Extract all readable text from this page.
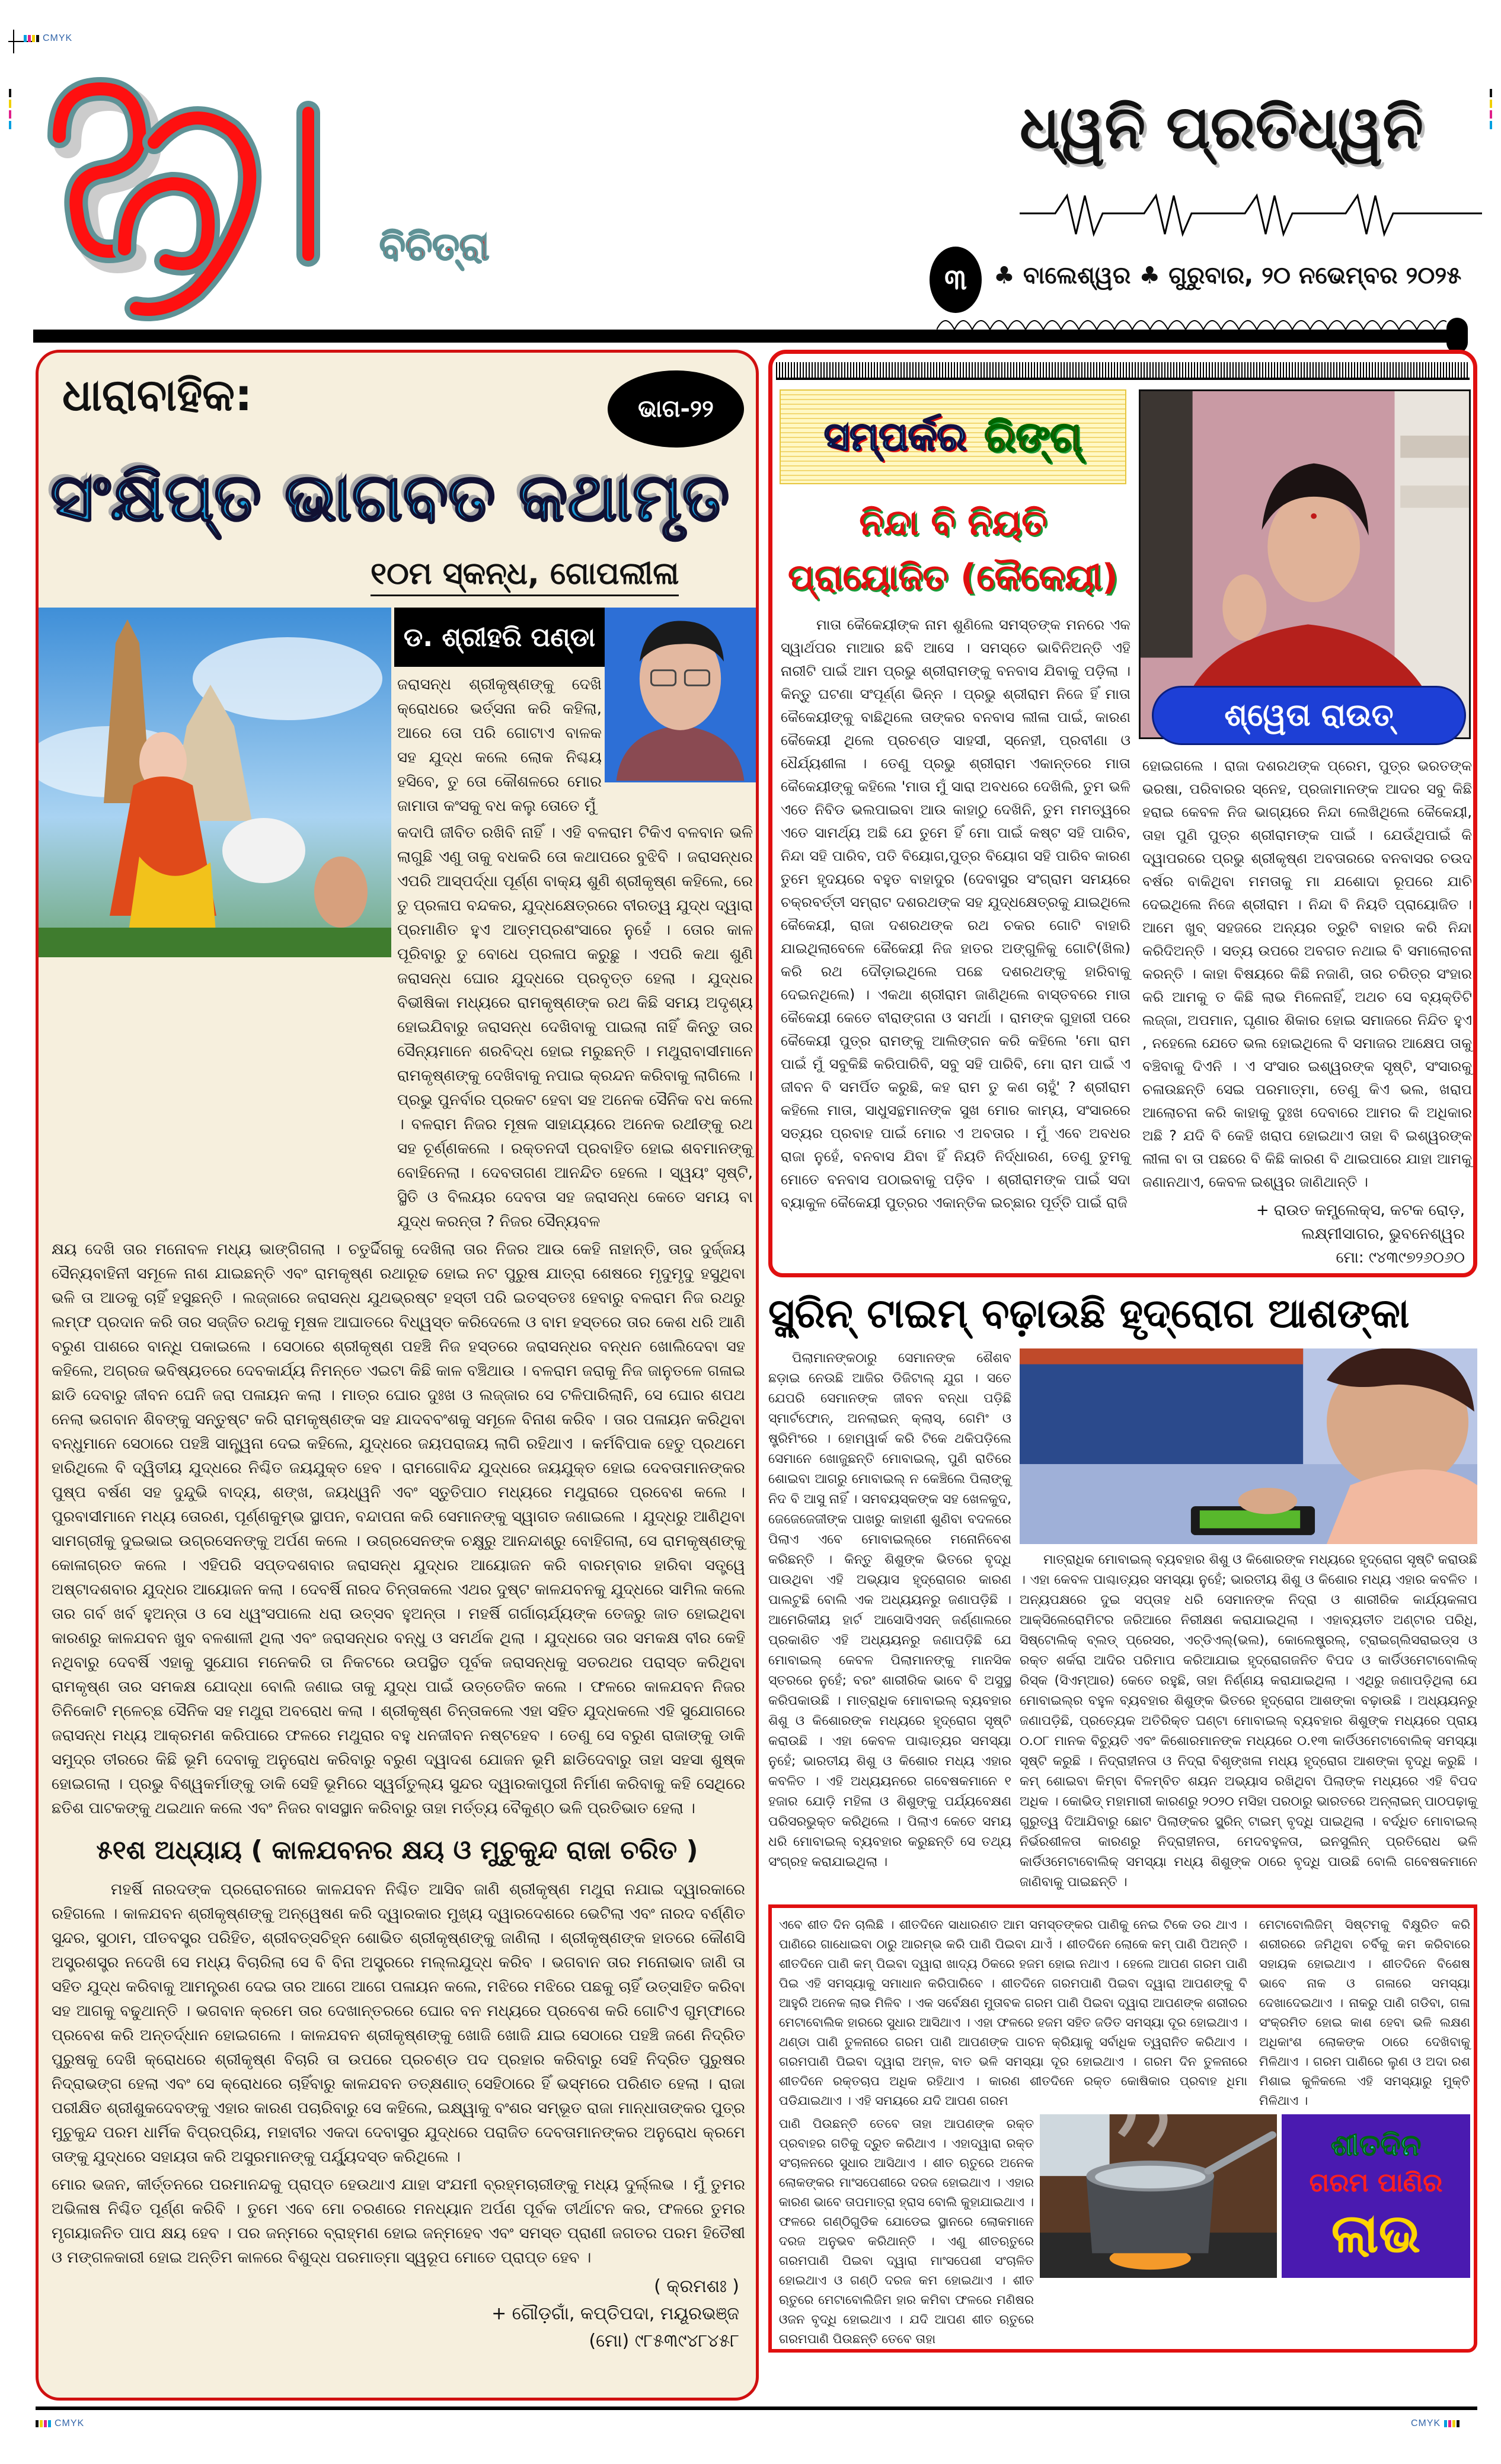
CMYK
ବିଚିତ୍ରା
ଧ୍ୱନି ପ୍ରତିଧ୍ୱନି
୩	♣ ବାଲେଶ୍ୱର ♣ ଗୁରୁବାର, ୨୦ ନଭେମ୍ବର ୨୦୨୫
ଧାରାବାହିକ:	ଭାଗ-୨୨
ସଂକ୍ଷିପ୍ତ ଭାଗବତ କଥାମୃତ
୧୦ମ ସ୍କନ୍ଧ, ଗୋପଲୀଳା
ଡ. ଶ୍ରୀହରି ପଣ୍ଡା

ଜରାସନ୍ଧ ଶ୍ରୀକୃଷ୍ଣଙ୍କୁ ଦେଖି କ୍ରୋଧରେ ଭର୍ତ୍ସନା କରି କହିଲା, ଆରେ ତୋ ପରି ଗୋଟାଏ ବାଳକ ସହ ଯୁଦ୍ଧ କଲେ ଲୋକ ନିଶ୍ଚୟ ହସିବେ, ତୁ ତୋ କୌଶଳରେ ମୋର ଜାମାତା କଂସକୁ ବଧ କଲୁ ତୋତେ ମୁଁ

କଦାପି ଜୀବିତ ରଖିବି ନାହିଁ । ଏହି ବଳରାମ ଟିକିଏ ବଳବାନ ଭଳି ଲାଗୁଛି ଏଣୁ ତାକୁ ବଧକରି ତୋ କଥାପରେ ବୁଝିବି । ଜରାସନ୍ଧର ଏପରି ଆସ୍ପର୍ଦ୍ଧା ପୂର୍ଣ୍ଣ ବାକ୍ୟ ଶୁଣି ଶ୍ରୀକୃଷ୍ଣ କହିଲେ, ରେ ତୁ ପ୍ରଳାପ ବନ୍ଦକର, ଯୁଦ୍ଧକ୍ଷେତ୍ରରେ ବୀରତ୍ୱ ଯୁଦ୍ଧ ଦ୍ୱାରା ପ୍ରମାଣିତ ହୁଏ ଆତ୍ମପ୍ରଶଂସାରେ ନୁହେଁ । ତୋର କାଳ ପୂରିବାରୁ ତୁ ବୋଧେ ପ୍ରଳାପ କରୁଛୁ । ଏପରି କଥା ଶୁଣି ଜରାସନ୍ଧ ଘୋର ଯୁଦ୍ଧରେ ପ୍ରବୃତ୍ତ ହେଲା । ଯୁଦ୍ଧର ବିଭୀଷିକା ମଧ୍ୟରେ ରାମକୃଷ୍ଣଙ୍କ ରଥ କିଛି ସମୟ ଅଦୃଶ୍ୟ ହୋଇଯିବାରୁ ଜରାସନ୍ଧ ଦେଖିବାକୁ ପାଇଲା ନାହିଁ କିନ୍ତୁ ତାର ସୈନ୍ୟମାନେ ଶରବିଦ୍ଧ ହୋଇ ମରୁଛନ୍ତି । ମଥୁରାବାସୀମାନେ ରାମକୃଷ୍ଣଙ୍କୁ ଦେଖିବାକୁ ନପାଇ କ୍ରନ୍ଦନ କରିବାକୁ ଲାଗିଲେ । ପ୍ରଭୁ ପୁନର୍ବାର ପ୍ରକଟ ହେବା ସହ ଅନେକ ସୈନିକ ବଧ କଲେ । ବଳରାମ ନିଜର ମୂଷଳ ସାହାଯ୍ୟରେ ଅନେକ ରଥୀଙ୍କୁ ରଥ ସହ ଚୂର୍ଣ୍ଣକଲେ । ରକ୍ତନଦୀ ପ୍ରବାହିତ ହୋଇ ଶବମାନଙ୍କୁ ବୋହିନେଲା । ଦେବତାଗଣ ଆନନ୍ଦିତ ହେଲେ । ସ୍ୱୟଂ ସୃଷ୍ଟି, ସ୍ଥିତି ଓ ବିଲୟର ଦେବତା ସହ ଜରାସନ୍ଧ କେତେ ସମୟ ବା ଯୁଦ୍ଧ କରନ୍ତା ? ନିଜର ସୈନ୍ୟବଳ

କ୍ଷୟ ଦେଖି ତାର ମନୋବଳ ମଧ୍ୟ ଭାଙ୍ଗିଗଲା । ଚତୁର୍ଦ୍ଦିଗକୁ ଦେଖିଲା ତାର ନିଜର ଆଉ କେହି ନାହାନ୍ତି, ତାର ଦୁର୍ଜ୍ଜୟ ସୈନ୍ୟବାହିନୀ ସମୂଳେ ନାଶ ଯାଇଛନ୍ତି ଏବଂ ରାମକୃଷ୍ଣ ରଥାରୂଢ ହୋଇ ନଟ ପୁରୁଷ ଯାତ୍ରା ଶେଷରେ ମୃଦୁମୃଦୁ ହସୁଥିବା ଭଳି ତା ଆଡକୁ ଚାହିଁ ହସୁଛନ୍ତି । ଲଜ୍ଜାରେ ଜରାସନ୍ଧ ଯୁଥଭ୍ରଷ୍ଟ ହସ୍ତୀ ପରି ଇତସ୍ତତଃ ହେବାରୁ ବଳରାମ ନିଜ ରଥରୁ ଲମ୍ଫ ପ୍ରଦାନ କରି ତାର ସଜ୍ଜିତ ରଥକୁ ମୂଷଳ ଆଘାତରେ ବିଧ୍ୱସ୍ତ କରିଦେଲେ ଓ ବାମ ହସ୍ତରେ ତାର କେଶ ଧରି ଆଣି ବରୁଣ ପାଶରେ ବାନ୍ଧି ପକାଇଲେ । ସେଠାରେ ଶ୍ରୀକୃଷ୍ଣ ପହଞ୍ଚି ନିଜ ହସ୍ତରେ ଜରାସନ୍ଧର ବନ୍ଧନ ଖୋଲିଦେବା ସହ କହିଲେ, ଅଗ୍ରଜ ଭବିଷ୍ୟତରେ ଦେବକାର୍ଯ୍ୟ ନିମନ୍ତେ ଏଇଟା କିଛି କାଳ ବଞ୍ଚିଥାଉ । ବଳରାମ ଜରାକୁ ନିଜ ଜାନୁତଳେ ଗଳାଇ ଛାଡି ଦେବାରୁ ଜୀବନ ଘେନି ଜରା ପଳାୟନ କଲା । ମାତ୍ର ଘୋର ଦୁଃଖ ଓ ଲଜ୍ଜାର ସେ ଟଳିପାରିଲାନି, ସେ ଘୋର ଶପଥ ନେଲା ଭଗବାନ ଶିବଙ୍କୁ ସନ୍ତୁଷ୍ଟ କରି ରାମକୃଷ୍ଣଙ୍କ ସହ ଯାଦବବଂଶକୁ ସମୂଳେ ବିନାଶ କରିବ । ତାର ପଳାୟନ କରିଥିବା ବନ୍ଧୁମାନେ ସେଠାରେ ପହଞ୍ଚି ସାନ୍ତ୍ୱନା ଦେଇ କହିଲେ, ଯୁଦ୍ଧରେ ଜୟପରାଜୟ ଲାଗି ରହିଥାଏ । କର୍ମବିପାକ ହେତୁ ପ୍ରଥମେ ହାରିଥିଲେ ବି ଦ୍ୱିତୀୟ ଯୁଦ୍ଧରେ ନିଶ୍ଚିତ ଜୟଯୁକ୍ତ ହେବ । ରାମଗୋବିନ୍ଦ ଯୁଦ୍ଧରେ ଜୟଯୁକ୍ତ ହୋଇ ଦେବତାମାନଙ୍କର ପୁଷ୍ପ ବର୍ଷଣ ସହ ଦୁନ୍ଦୁଭି ବାଦ୍ୟ, ଶଙ୍ଖ, ଜୟଧ୍ୱନି ଏବଂ ସ୍ତୁତିପାଠ ମଧ୍ୟରେ ମଥୁରାରେ ପ୍ରବେଶ କଲେ । ପୁରବାସୀମାନେ ମଧ୍ୟ ତୋରଣ, ପୂର୍ଣ୍ଣକୁମ୍ଭ ସ୍ଥାପନ, ବନ୍ଦାପନା କରି ସେମାନଙ୍କୁ ସ୍ୱାଗତ ଜଣାଇଲେ । ଯୁଦ୍ଧରୁ ଆଣିଥିବା ସାମଗ୍ରୀକୁ ଦୁଇଭାଇ ଉଗ୍ରସେନଙ୍କୁ ଅର୍ପଣ କଲେ । ଉଗ୍ରସେନଙ୍କ ଚକ୍ଷୁରୁ ଆନନ୍ଦାଶ୍ରୁ ବୋହିଗଲା, ସେ ରାମକୃଷ୍ଣଙ୍କୁ କୋଳାଗ୍ରତ କଲେ । ଏହିପରି ସପ୍ତଦଶବାର ଜରାସନ୍ଧ ଯୁଦ୍ଧର ଆୟୋଜନ କରି ବାରମ୍ବାର ହାରିବା ସତ୍ତ୍ୱେ ଅଷ୍ଟାଦଶବାର ଯୁଦ୍ଧର ଆୟୋଜନ କଲା । ଦେବର୍ଷି ନାରଦ ଚିନ୍ତାକଲେ ଏଥର ଦୁଷ୍ଟ କାଳଯବନକୁ ଯୁଦ୍ଧରେ ସାମିଲ କଲେ ତାର ଗର୍ବ ଖର୍ବ ହୁଅନ୍ତା ଓ ସେ ଧ୍ୱଂସପାଲେ ଧରା ଉତ୍ସବ ହୁଅନ୍ତା । ମହର୍ଷି ଗର୍ଗାଚାର୍ଯ୍ୟଙ୍କ ତେଜରୁ ଜାତ ହୋଇଥିବା କାରଣରୁ କାଳଯବନ ଖୁବ ବଳଶାଳୀ ଥିଲା ଏବଂ ଜରାସନ୍ଧର ବନ୍ଧୁ ଓ ସମର୍ଥକ ଥିଲା । ଯୁଦ୍ଧରେ ତାର ସମକକ୍ଷ ବୀର କେହି ନଥିବାରୁ ଦେବର୍ଷି ଏହାକୁ ସୁଯୋଗ ମନେକରି ତା ନିକଟରେ ଉପସ୍ଥିତ ପୂର୍ବକ ଜରାସନ୍ଧକୁ ସତରଥର ପରାସ୍ତ କରିଥିବା ରାମକୃଷ୍ଣ ତାର ସମକକ୍ଷ ଯୋଦ୍ଧା ବୋଲି ଜଣାଇ ତାକୁ ଯୁଦ୍ଧ ପାଇଁ ଉତ୍ତେଜିତ କଲେ । ଫଳରେ କାଳଯବନ ନିଜର ତିନିକୋଟି ମ୍ଳେଚ୍ଛ ସୈନିକ ସହ ମଥୁରା ଅବରୋଧ କଲା । ଶ୍ରୀକୃଷ୍ଣ ଚିନ୍ତାକଲେ ଏହା ସହିତ ଯୁଦ୍ଧକଲେ ଏହି ସୁଯୋଗରେ ଜରାସନ୍ଧ ମଧ୍ୟ ଆକ୍ରମଣ କରିପାରେ ଫଳରେ ମଥୁରାର ବହୁ ଧନଜୀବନ ନଷ୍ଟହେବ । ତେଣୁ ସେ ବରୁଣ ରାଜାଙ୍କୁ ଡାକି ସମୁଦ୍ର ତୀରରେ କିଛି ଭୂମି ଦେବାକୁ ଅନୁରୋଧ କରିବାରୁ ବରୁଣ ଦ୍ୱାଦଶ ଯୋଜନ ଭୂମି ଛାଡିଦେବାରୁ ତାହା ସହସା ଶୁଷ୍କ ହୋଇଗଲା । ପ୍ରଭୁ ବିଶ୍ୱକର୍ମାଙ୍କୁ ଡାକି ସେହି ଭୂମିରେ ସ୍ୱର୍ଗତୁଲ୍ୟ ସୁନ୍ଦର ଦ୍ୱାରକାପୁରୀ ନିର୍ମାଣ କରିବାକୁ କହି ସେଥିରେ ଛତିଶ ପାଟକଙ୍କୁ ଥଇଥାନ କଲେ ଏବଂ ନିଜର ବାସସ୍ଥାନ କରିବାରୁ ତାହା ମର୍ତ୍ତ୍ୟ ବୈକୁଣ୍ଠ ଭଳି ପ୍ରତିଭାତ ହେଲା ।

୫୧ଶ ଅଧ୍ୟାୟ ( କାଳଯବନର କ୍ଷୟ ଓ ମୁଚୁକୁନ୍ଦ ରାଜା ଚରିତ )

ମହର୍ଷି ନାରଦଙ୍କ ପ୍ରରୋଚନାରେ କାଳଯବନ ନିଶ୍ଚିତ ଆସିବ ଜାଣି ଶ୍ରୀକୃଷ୍ଣ ମଥୁରା ନଯାଇ ଦ୍ୱାରକାରେ ରହିଗଲେ । କାଳଯବନ ଶ୍ରୀକୃଷ୍ଣଙ୍କୁ ଅନ୍ୱେଷଣ କରି ଦ୍ୱାରକାର ମୁଖ୍ୟ ଦ୍ୱାରଦେଶରେ ଭେଟିଲା ଏବଂ ନାରଦ ବର୍ଣ୍ଣିତ ସୁନ୍ଦର, ସୁଠାମ, ପୀତବସ୍ତ୍ର ପରିହିତ, ଶ୍ରୀବତ୍ସଚିହ୍ନ ଶୋଭିତ ଶ୍ରୀକୃଷ୍ଣଙ୍କୁ ଜାଣିଲା । ଶ୍ରୀକୃଷ୍ଣଙ୍କ ହାତରେ କୌଣସି ଅସ୍ତ୍ରଶସ୍ତ୍ର ନଦେଖି ସେ ମଧ୍ୟ ବିଚାରିଲା ସେ ବି ବିନା ଅସ୍ତ୍ରରେ ମଲ୍ଲଯୁଦ୍ଧ କରିବ । ଭଗବାନ ତାର ମନୋଭାବ ଜାଣି ତା ସହିତ ଯୁଦ୍ଧ କରିବାକୁ ଆମନ୍ତ୍ରଣ ଦେଇ ତାର ଆଗେ ଆଗେ ପଳାୟନ କଲେ, ମଝିରେ ମଝିରେ ପଛକୁ ଚାହିଁ ଉତ୍ସାହିତ କରିବା ସହ ଆଗକୁ ବଢୁଥାନ୍ତି । ଭଗବାନ କ୍ରମେ ତାର ଦେଖାନ୍ତରରେ ଘୋର ବନ ମଧ୍ୟରେ ପ୍ରବେଶ କରି ଗୋଟିଏ ଗୁମ୍ଫାରେ ପ୍ରବେଶ କରି ଅନ୍ତର୍ଦ୍ଧାନ ହୋଇଗଲେ । କାଳଯବନ ଶ୍ରୀକୃଷ୍ଣଙ୍କୁ ଖୋଜି ଖୋଜି ଯାଇ ସେଠାରେ ପହଞ୍ଚି ଜଣେ ନିଦ୍ରିତ ପୁରୁଷକୁ ଦେଖି କ୍ରୋଧରେ ଶ୍ରୀକୃଷ୍ଣ ବିଚାରି ତା ଉପରେ ପ୍ରଚଣ୍ଡ ପଦ ପ୍ରହାର କରିବାରୁ ସେହି ନିଦ୍ରିତ ପୁରୁଷର ନିଦ୍ରାଭଙ୍ଗ ହେଲା ଏବଂ ସେ କ୍ରୋଧରେ ଚାହିଁବାରୁ କାଳଯବନ ତତ୍କ୍ଷଣାତ୍ ସେହିଠାରେ ହିଁ ଭସ୍ମରେ ପରିଣତ ହେଲା । ରାଜା ପରୀକ୍ଷିତ ଶ୍ରୀଶୁକଦେବଙ୍କୁ ଏହାର କାରଣ ପଚାରିବାରୁ ସେ କହିଲେ, ଇକ୍ଷ୍ୱାକୁ ବଂଶର ସମ୍ଭୂତ ରାଜା ମାନ୍ଧାତାଙ୍କର ପୁତ୍ର ମୁଚୁକୁନ୍ଦ ପରମ ଧାର୍ମିକ ବିପ୍ରପ୍ରିୟ, ମହାବୀର ଏକଦା ଦେବାସୁର ଯୁଦ୍ଧରେ ପରାଜିତ ଦେବତାମାନଙ୍କର ଅନୁରୋଧ କ୍ରମେ ତାଙ୍କୁ ଯୁଦ୍ଧରେ ସହାୟତା କରି ଅସୁରମାନଙ୍କୁ ପର୍ଯ୍ୟୁଦସ୍ତ କରିଥିଲେ ।

ମୋର ଭଜନ, କୀର୍ତ୍ତନରେ ପରମାନନ୍ଦକୁ ପ୍ରାପ୍ତ ହେଉଥାଏ ଯାହା ସଂଯମୀ ବ୍ରହ୍ମଚାରୀଙ୍କୁ ମଧ୍ୟ ଦୁର୍ଲ୍ଲଭ । ମୁଁ ତୁମର ଅଭିଳାଷ ନିଶ୍ଚିତ ପୂର୍ଣ୍ଣ କରିବି । ତୁମେ ଏବେ ମୋ ଚରଣରେ ମନଧ୍ୟାନ ଅର୍ପଣ ପୂର୍ବକ ତୀର୍ଥାଟନ କର, ଫଳରେ ତୁମର ମୃଗୟାଜନିତ ପାପ କ୍ଷୟ ହେବ । ପର ଜନ୍ମରେ ବ୍ରାହ୍ମଣ ହୋଇ ଜନ୍ମହେବ ଏବଂ ସମସ୍ତ ପ୍ରାଣୀ ଜଗତର ପରମ ହିତୈଷୀ ଓ ମଙ୍ଗଳକାରୀ ହୋଇ ଅନ୍ତିମ କାଳରେ ବିଶୁଦ୍ଧ ପରମାତ୍ମା ସ୍ୱରୂପ ମୋତେ ପ୍ରାପ୍ତ ହେବ ।

( କ୍ରମଶଃ )
+ ଗୌଡ଼ଗାଁ, କପ୍ତିପଦା, ମୟୂରଭଞ୍ଜ
(ମୋ) ୯୮୫୩୯୪୮୪୫୮
ସମ୍ପର୍କର ରିଙ୍ଗ୍
ନିନ୍ଦା ବି ନିୟତି
ପ୍ରାୟୋଜିତ (କୈକେୟୀ)
ଶ୍ୱେତା ରାଉତ୍

ମାତା କୈକେୟୀଙ୍କ ନାମ ଶୁଣିଲେ ସମସ୍ତଙ୍କ ମନରେ ଏକ ସ୍ୱାର୍ଥପର ମାଆର ଛବି ଆସେ । ସମସ୍ତେ ଭାବିନିଅନ୍ତି ଏହି ନାରୀଟି ପାଇଁ ଆମ ପ୍ରଭୁ ଶ୍ରୀରାମଙ୍କୁ ବନବାସ ଯିବାକୁ ପଡ଼ିଲା । କିନ୍ତୁ ଘଟଣା ସଂପୂର୍ଣ୍ଣ ଭିନ୍ନ । ପ୍ରଭୁ ଶ୍ରୀରାମ ନିଜେ ହିଁ ମାତା କୈକେୟୀଙ୍କୁ ବାଛିଥିଲେ ତାଙ୍କର ବନବାସ ଲୀଳା ପାଇଁ, କାରଣ କୈକେୟୀ ଥିଲେ ପ୍ରଚଣ୍ଡ ସାହସୀ, ସ୍ନେହୀ, ପ୍ରବୀଣା ଓ ଧୈର୍ଯ୍ୟଶୀଳା । ତେଣୁ ପ୍ରଭୁ ଶ୍ରୀରାମ ଏକାନ୍ତରେ ମାତା କୈକେୟୀଙ୍କୁ କହିଲେ 'ମାତା ମୁଁ ସାରା ଅବଧରେ ଦେଖିଲି, ତୁମ ଭଳି ଏତେ ନିବିଡ ଭଲପାଇବା ଆଉ କାହାଠୁ ଦେଖିନି, ତୁମ ମମତ୍ୱରେ ଏତେ ସାମର୍ଥ୍ୟ ଅଛି ଯେ ତୁମେ ହିଁ ମୋ ପାଇଁ କଷ୍ଟ ସହି ପାରିବ, ନିନ୍ଦା ସହି ପାରିବ, ପତି ବିୟୋଗ,ପୁତ୍ର ବିୟୋଗ ସହି ପାରିବ କାରଣ ତୁମେ ହୃଦୟରେ ବହୁତ ବାହାଦୁର (ଦେବାସୁର ସଂଗ୍ରାମ ସମୟରେ ଚକ୍ରବର୍ତ୍ତୀ ସମ୍ରାଟ ଦଶରଥଙ୍କ ସହ ଯୁଦ୍ଧକ୍ଷେତ୍ରକୁ ଯାଇଥିଲେ କୈକେୟୀ, ରାଜା ଦଶରଥଙ୍କ ରଥ ଚକର ଗୋଟି ବାହାରି ଯାଇଥିଲାବେଳେ କୈକେୟୀ ନିଜ ହାତର ଅଙ୍ଗୁଳିକୁ ଗୋଟି(ଖିଲ) କରି ରଥ ଦୌଡ଼ାଇଥିଲେ ପଛେ ଦଶରଥଙ୍କୁ ହାରିବାକୁ ଦେଇନଥିଲେ) । ଏକଥା ଶ୍ରୀରାମ ଜାଣିଥିଲେ ବାସ୍ତବରେ ମାତା କୈକେୟୀ କେତେ ବୀରାଙ୍ଗନା ଓ ସମର୍ଥା । ରାମଙ୍କ ଗୁହାରୀ ପରେ କୈକେୟୀ ପୁତ୍ର ରାମଙ୍କୁ ଆଲିଙ୍ଗନ କରି କହିଲେ 'ମୋ ରାମ ପାଇଁ ମୁଁ ସବୁକିଛି କରିପାରିବି, ସବୁ ସହି ପାରିବି, ମୋ ରାମ ପାଇଁ ଏ ଜୀବନ ବି ସମର୍ପିତ କରୁଛି, କହ ରାମ ତୁ କଣ ଚାହୁଁ' ? ଶ୍ରୀରାମ କହିଲେ ମାତା, ସାଧୁସନ୍ଥମାନଙ୍କ ସୁଖ ମୋର କାମ୍ୟ, ସଂସାରରେ ସତ୍ୟର ପ୍ରବାହ ପାଇଁ ମୋର ଏ ଅବତାର । ମୁଁ ଏବେ ଅବଧର ରାଜା ନୁହେଁ, ବନବାସ ଯିବା ହିଁ ନିୟତି ନିର୍ଦ୍ଧାରଣ, ତେଣୁ ତୁମକୁ ମୋତେ ବନବାସ ପଠାଇବାକୁ ପଡ଼ିବ । ଶ୍ରୀରାମଙ୍କ ପାଇଁ ସଦା ବ୍ୟାକୁଳ କୈକେୟୀ ପୁତ୍ରର ଏକାନ୍ତିକ ଇଚ୍ଛାର ପୂର୍ତ୍ତି ପାଇଁ ରାଜି

ହୋଇଗଲେ । ରାଜା ଦଶରଥଙ୍କ ପ୍ରେମ, ପୁତ୍ର ଭରତଙ୍କ ଭରଷା, ପରିବାରର ସ୍ନେହ, ପ୍ରଜାମାନଙ୍କ ଆଦର ସବୁ କିଛି ହରାଇ କେବଳ ନିଜ ଭାଗ୍ୟରେ ନିନ୍ଦା ଲେଖିଥିଲେ କୈକେୟୀ, ତାହା ପୁଣି ପୁତ୍ର ଶ୍ରୀରାମଙ୍କ ପାଇଁ । ଯେଉଁଥିପାଇଁ କି ଦ୍ୱାପରରେ ପ୍ରଭୁ ଶ୍ରୀକୃଷ୍ଣ ଅବତାରରେ ବନବାସର ଚଉଦ ବର୍ଷର ବାକିଥିବା ମମତାକୁ ମା ଯଶୋଦା ରୂପରେ ଯାଚି ଦେଇଥିଲେ ନିଜେ ଶ୍ରୀରାମ । ନିନ୍ଦା ବି ନିୟତି ପ୍ରାୟୋଜିତ । ଆମେ ଖୁବ୍ ସହଜରେ ଅନ୍ୟର ତ୍ରୁଟି ବାହାର କରି ନିନ୍ଦା କରିଦିଅନ୍ତି । ସତ୍ୟ ଉପରେ ଅବଗତ ନଥାଇ ବି ସମାଲୋଚନା କରନ୍ତି । କାହା ବିଷୟରେ କିଛି ନଜାଣି, ତାର ଚରିତ୍ର ସଂହାର କରି ଆମକୁ ତ କିଛି ଲାଭ ମିଳେନାହିଁ, ଅଥଚ ସେ ବ୍ୟକ୍ତିଟି ଲଜ୍ଜା, ଅପମାନ, ଘୃଣାର ଶିକାର ହୋଇ ସମାଜରେ ନିନ୍ଦିତ ହୁଏ , ନହେଲେ ଯେତେ ଭଲ ହୋଇଥିଲେ ବି ସମାଜର ଆକ୍ଷେପ ତାକୁ ବଞ୍ଚିବାକୁ ଦିଏନି । ଏ ସଂସାର ଇଶ୍ୱରଙ୍କ ସୃଷ୍ଟି, ସଂସାରକୁ ଚଳାଉଛନ୍ତି ସେଇ ପରମାତ୍ମା, ତେଣୁ କିଏ ଭଲ, ଖରାପ ଆଲୋଚନା କରି କାହାକୁ ଦୁଃଖ ଦେବାରେ ଆମର କି ଅଧିକାର ଅଛି ? ଯଦି ବି କେହି ଖରାପ ହୋଇଥାଏ ତାହା ବି ଇଶ୍ୱରଙ୍କ ଲୀଳା ବା ତା ପଛରେ ବି କିଛି କାରଣ ବି ଥାଇପାରେ ଯାହା ଆମକୁ ଜଣାନଥାଏ, କେବଳ ଇଶ୍ୱର ଜାଣିଥାନ୍ତି ।

+ ରାଉତ କମ୍ପ୍ଲେକ୍ସ, କଟକ ରୋଡ଼,
ଲକ୍ଷ୍ମୀସାଗର, ଭୁବନେଶ୍ୱର
ମୋ: ୯୪୩୯୭୨୬୦୬୦
ସ୍କ୍ରିନ୍ ଟାଇମ୍ ବଢ଼ାଉଛି ହୃଦ୍‌ରୋଗ ଆଶଙ୍କା

ପିଲାମାନଙ୍କଠାରୁ ସେମାନଙ୍କ ଶୈଶବ ଛଡ଼ାଇ ନେଉଛି ଆଜିର ଡିଜିଟାଲ୍ ଯୁଗ । ସତେ ଯେପରି ସେମାନଙ୍କ ଜୀବନ ବନ୍ଧା ପଡ଼ିଛି ସ୍ମାର୍ଟଫୋନ୍, ଅନଲାଇନ୍ କ୍ଲାସ୍, ଗେମିଂ ଓ ଷ୍ଟ୍ରିମିଂରେ । ହୋମୱାର୍କ କରି ଟିକେ ଥକିପଡ଼ିଲେ ସେମାନେ ଖୋଜୁଛନ୍ତି ମୋବାଇଲ୍, ପୁଣି ରାତିରେ ଶୋଇବା ଆଗରୁ ମୋବାଇଲ୍ ନ କେଞ୍ଚିଲେ ପିଲାଙ୍କୁ ନିଦ ବି ଆସୁ ନାହିଁ । ସମବୟସ୍କଙ୍କ ସହ ଖେଳକୁଦ, ଜେଜେଜେଜୀଙ୍କ ପାଖରୁ କାହାଣୀ ଶୁଣିବା ବଦଳରେ ପିଲାଏ ଏବେ ମୋବାଇଲ୍‌ରେ ମନୋନିବେଶ କରିଛନ୍ତି । କିନ୍ତୁ ଶିଶୁଙ୍କ ଭିତରେ ବୃଦ୍ଧି ପାଉଥିବା ଏହି ଅଭ୍ୟାସ ହୃଦ୍‌ରୋଗର କାରଣ ପାଲଟୁଛି ବୋଲି ଏକ ଅଧ୍ୟୟନରୁ ଜଣାପଡ଼ିଛି । ଆମେରିକୀୟ ହାର୍ଟ ଆସୋସିଏସନ୍ ଜର୍ଣ୍ଣାଲରେ ପ୍ରକାଶିତ ଏହି ଅଧ୍ୟୟନରୁ ଜଣାପଡ଼ିଛି ଯେ ମୋବାଇଲ୍ କେବଳ ପିଲାମାନଙ୍କୁ ମାନସିକ ସ୍ତରରେ ନୁହେଁ; ବରଂ ଶାରୀରିକ ଭାବେ ବି ଅସୁସ୍ଥ କରିପକାଉଛି । ମାତ୍ରାଧିକ ମୋବାଇଲ୍ ବ୍ୟବହାର ଶିଶୁ ଓ କିଶୋରଙ୍କ ମଧ୍ୟରେ ହୃଦ୍‌ରୋଗ ସୃଷ୍ଟି କରାଉଛି । ଏହା କେବଳ ପାଶ୍ଚାତ୍ୟର ସମସ୍ୟା ନୁହେଁ; ଭାରତୀୟ ଶିଶୁ ଓ କିଶୋର ମଧ୍ୟ ଏହାର କବଳିତ । ଏହି ଅଧ୍ୟୟନରେ ଗବେଷକମାନେ ୧ ହଜାର ଯୋଡ଼ି ମହିଳା ଓ ଶିଶୁଙ୍କୁ ପର୍ଯ୍ୟବେକ୍ଷଣ ପରିସରଭୁକ୍ତ କରିଥିଲେ । ପିଲାଏ କେତେ ସମୟ ଧରି ମୋବାଇଲ୍ ବ୍ୟବହାର କରୁଛନ୍ତି ସେ ତଥ୍ୟ ସଂଗ୍ରହ କରାଯାଇଥିଲା ।

ମାତ୍ରାଧିକ ମୋବାଇଲ୍ ବ୍ୟବହାର ଶିଶୁ ଓ କିଶୋରଙ୍କ ମଧ୍ୟରେ ହୃଦ୍‌ରୋଗ ସୃଷ୍ଟି କରାଉଛି । ଏହା କେବଳ ପାଶ୍ଚାତ୍ୟର ସମସ୍ୟା ନୁହେଁ; ଭାରତୀୟ ଶିଶୁ ଓ କିଶୋର ମଧ୍ୟ ଏହାର କବଳିତ । ଅନ୍ୟପକ୍ଷରେ ଦୁଇ ସପ୍ତାହ ଧରି ସେମାନଙ୍କ ନିଦ୍ରା ଓ ଶାରୀରିକ କାର୍ଯ୍ୟକଳାପ ଆକ୍ସିଲେରୋମିଟର ଜରିଆରେ ନିରୀକ୍ଷଣ କରାଯାଇଥିଲା । ଏହାବ୍ୟତୀତ ଅଣ୍ଟାର ପରିଧି, ସିଷ୍ଟୋଲିକ୍ ବ୍ଲଡ୍ ପ୍ରେସର, ଏଚ୍‌ଡିଏଲ୍(ଭଲ), କୋଲେଷ୍ଟ୍ରଲ୍, ଟ୍ରାଇଗ୍ଲିସରାଇଡ୍‌ସ ଓ ରକ୍ତ ଶର୍କରା ଆଦିର ପରିମାପ କରିଆଯାଇ ହୃଦ୍‌ରୋଗଜନିତ ବିପଦ ଓ କାର୍ଡିଓମେଟାବୋଲିକ୍ ରିସ୍କ (ସିଏମ୍‌ଆର) କେତେ ରହୁଛି, ତାହା ନିର୍ଣ୍ଣୟ କରାଯାଇଥିଲା । ଏଥିରୁ ଜଣାପଡ଼ିଥିଲା ଯେ ମୋବାଇଲ୍‌ର ବହୁଳ ବ୍ୟବହାର ଶିଶୁଙ୍କ ଭିତରେ ହୃଦ୍‌ରୋଗ ଆଶଙ୍କା ବଢ଼ାଉଛି । ଅଧ୍ୟୟନରୁ ଜଣାପଡ଼ିଛି, ପ୍ରତ୍ୟେକ ଅତିରିକ୍ତ ଘଣ୍ଟା ମୋବାଇଲ୍ ବ୍ୟବହାର ଶିଶୁଙ୍କ ମଧ୍ୟରେ ପ୍ରାୟ ୦.୦୮ ମାନକ ବିଚ୍ୟୁତି ଏବଂ କିଶୋରମାନଙ୍କ ମଧ୍ୟରେ ୦.୧୩ କାର୍ଡିଓମେଟାବୋଲିକ୍ ସମସ୍ୟା ସୃଷ୍ଟି କରୁଛି । ନିଦ୍ରାହୀନତା ଓ ନିଦ୍ରା ବିଶୃଙ୍ଖଳା ମଧ୍ୟ ହୃଦ୍‌ରୋଗ ଆଶଙ୍କା ବୃଦ୍ଧି କରୁଛି । କମ୍ ଶୋଇବା କିମ୍ବା ବିଳମ୍ବିତ ଶୟନ ଅଭ୍ୟାସ ରଖିଥିବା ପିଲାଙ୍କ ମଧ୍ୟରେ ଏହି ବିପଦ ଅଧିକ । କୋଭିଡ୍ ମହାମାରୀ କାରଣରୁ ୨୦୨୦ ମସିହା ପରଠାରୁ ଭାରତରେ ଅନ୍‌ଲାଇନ୍ ପାଠପଢ଼ାକୁ ଗୁରୁତ୍ୱ ଦିଆଯିବାରୁ ଛୋଟ ପିଲାଙ୍କର ସ୍କ୍ରିନ୍ ଟାଇମ୍ ବୃଦ୍ଧି ପାଇଥିଲା । ବର୍ଦ୍ଧିତ ମୋବାଇଲ୍ ନିର୍ଭରଶୀଳତା କାରଣରୁ ନିଦ୍ରାହୀନତା, ମେଦବହୁଳତା, ଇନସୁଲିନ୍ ପ୍ରତିରୋଧ ଭଳି କାର୍ଡିଓମେଟାବୋଲିକ୍ ସମସ୍ୟା ମଧ୍ୟ ଶିଶୁଙ୍କ ଠାରେ ବୃଦ୍ଧି ପାଉଛି ବୋଲି ଗବେଷକମାନେ ଜାଣିବାକୁ ପାଇଛନ୍ତି ।

ଏବେ ଶୀତ ଦିନ ଚାଲିଛି । ଶୀତଦିନେ ସାଧାରଣତ ଆମ ସମସ୍ତଙ୍କର ପାଣିକୁ ନେଇ ଟିକେ ଡର ଥାଏ । ପାଣିରେ ଗାଧୋଇବା ଠାରୁ ଆରମ୍ଭ କରି ପାଣି ପିଇବା ଯାଏଁ । ଶୀତଦିନେ ଲୋକେ କମ୍ ପାଣି ପିଅନ୍ତି । ଶୀତଦିନେ ପାଣି କମ୍ ପିଇବା ଦ୍ୱାରା ଖାଦ୍ୟ ଠିକରେ ହଜମ ହୋଇ ନଥାଏ । ହେଲେ ଆପଣ ଗରମ ପାଣି ପିଇ ଏହି ସମସ୍ୟାକୁ ସମାଧାନ କରିପାରିବେ । ଶୀତଦିନେ ଗରମପାଣି ପିଇବା ଦ୍ୱାରା ଆପଣଙ୍କୁ ବି ଆହୁରି ଅନେକ ଲାଭ ମିଳିବ । ଏକ ସର୍ବେକ୍ଷଣ ମୁତାବକ ଗରମ ପାଣି ପିଇବା ଦ୍ୱାରା ଆପଣଙ୍କ ଶରୀରର ମେଟାବୋଲିକ ହାରରେ ସୁଧାର ଆସିଥାଏ । ଏହା ଫଳରେ ହଜମ ସହିତ ଜଡିତ ସମସ୍ୟା ଦୂର ହୋଇଥାଏ । ଥଣ୍ଡା ପାଣି ତୁଳନାରେ ଗରମ ପାଣି ଆପଣଙ୍କ ପାଚନ କ୍ରିୟାକୁ ସର୍ବାଧିକ ତ୍ୱରାନିତ କରିଥାଏ । ଗରମପାଣି ପିଇବା ଦ୍ୱାରା ଅମ୍ଳ, ବାତ ଭଳି ସମସ୍ୟା ଦୂର ହୋଇଥାଏ । ଗରମ ଦିନ ତୁଳନାରେ ଶୀତଦିନେ ରକ୍ତଚାପ ଅଧିକ ରହିଥାଏ । କାରଣ ଶୀତଦିନେ ରକ୍ତ କୋଷିକାର ପ୍ରବାହ ଧିମା ପଡିଯାଇଥାଏ । ଏହି ସମୟରେ ଯଦି ଆପଣ ଗରମ

ମେଟାବୋଲିଜିମ୍ ସିଷ୍ଟମକୁ ବିକ୍ଷୁରିତ କରି ଶରୀରରେ ଜମିଥିବା ଚର୍ବିକୁ କମ କରିବାରେ ସହାୟକ ହୋଇଥାଏ । ଶୀତଦିନେ ବିଶେଷ ଭାବେ ନାକ ଓ ଗଳାରେ ସମସ୍ୟା ଦେଖାଦେଇଥାଏ । ନାକରୁ ପାଣି ଗଡିବା, ଗଳା ସଂକ୍ରମିତ ହୋଇ କାଶ ହେବା ଭଳି ଲକ୍ଷଣ ଅଧିକାଂଶ ଲୋକଙ୍କ ଠାରେ ଦେଖିବାକୁ ମିଳିଥାଏ । ଗରମ ପାଣିରେ ଲୁଣ ଓ ଅଦା ରଶ ମିଶାଇ କୁଳିକଲେ ଏହି ସମସ୍ୟାରୁ ମୁକ୍ତି ମିଳିଥାଏ ।

ପାଣି ପିଉଛନ୍ତି ତେବେ ତାହା ଆପଣଙ୍କ ରକ୍ତ ପ୍ରବାହର ଗତିକୁ ଦ୍ରୁତ କରିଥାଏ । ଏହାଦ୍ୱାରା ରକ୍ତ ସଂଚାଳନରେ ସୁଧାର ଆସିଥାଏ । ଶୀତ ଋତୁରେ ଅନେକ ଲୋକଙ୍କର ମାଂସପେଶୀରେ ଦରଜ ହୋଇଥାଏ । ଏହାର କାରଣ ଭାବେ ତାପମାତ୍ରା ହ୍ରାସ ବୋଲି କୁହାଯାଇଥାଏ । ଫଳରେ ଗଣ୍ଠିଗୁଡିକ ଯୋଡେଇ ସ୍ଥାନରେ ଲୋକମାନେ ଦରଜ ଅନୁଭବ କରିଥାନ୍ତି । ଏଣୁ ଶୀତଋତୁରେ ଗରମପାଣି ପିଇବା ଦ୍ୱାରା ମାଂସପେଶୀ ସଂଚାଳିତ ହୋଇଥାଏ ଓ ଗଣ୍ଠି ଦରଜ କମ ହୋଇଥାଏ । ଶୀତ ଋତୁରେ ମେଟାବୋଲିଜିମ ହାର କମିବା ଫଳରେ ମଣିଷର ଓଜନ ବୃଦ୍ଧି ହୋଇଥାଏ । ଯଦି ଆପଣ ଶୀତ ଋତୁରେ ଗରମପାଣି ପିଉଛନ୍ତି ତେବେ ତାହା

ଶୀତଦିନ
ଗରମ ପାଣିର
ଲାଭ
CMYK	CMYK
